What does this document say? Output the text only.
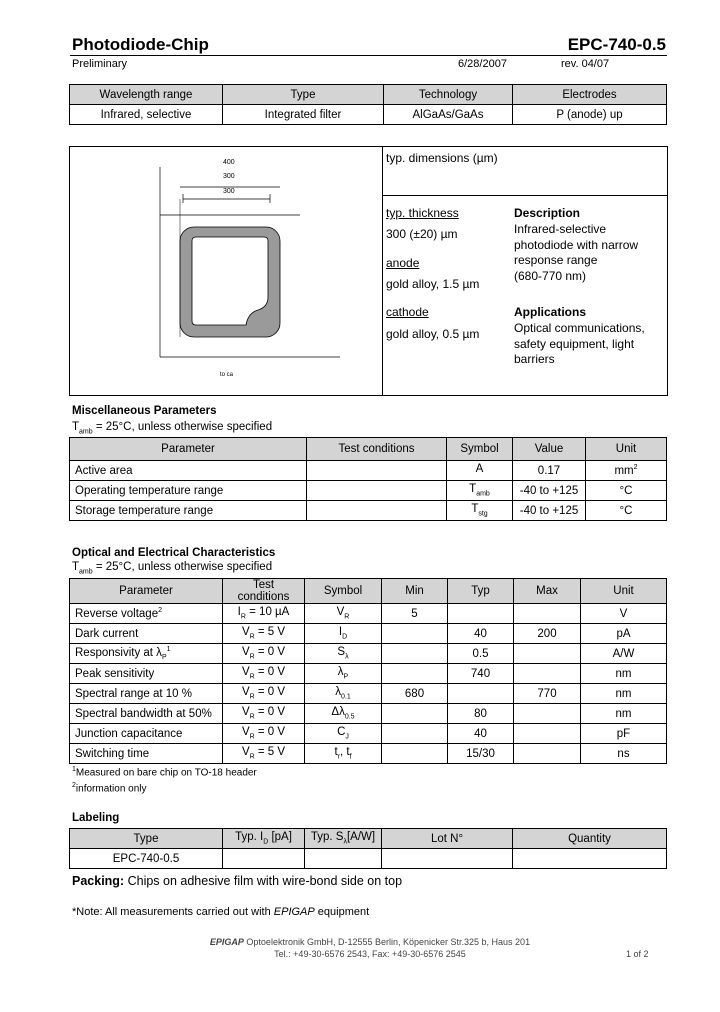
Photodiode-Chip	EPC-740-0.5
Preliminary	6/28/2007	rev. 04/07
Wavelength range	Type	Technology	Electrodes
Infrared, selective	Integrated filter	AlGaAs/GaAs	P (anode) up
400
300
300
to ca
typ. dimensions (µm)
typ. thickness
300 (±20) µm
anode
gold alloy, 1.5 µm
cathode
gold alloy, 0.5 µm
Description
Infrared-selective
photodiode with narrow
response range
(680-770 nm)
Applications
Optical communications,
safety equipment, light
barriers
Miscellaneous Parameters
$T_{amb} = 25^\circ C$, unless otherwise specified
Parameter	Test conditions	Symbol	Value	Unit
Active area		A	0.17	$mm^2$
Operating temperature range		$T_{amb}$	-40 to +125	°C
Storage temperature range		$T_{stg}$	-40 to +125	°C
Optical and Electrical Characteristics
$T_{amb} = 25^\circ C$, unless otherwise specified
Parameter	Test conditions	Symbol	Min	Typ	Max	Unit
Reverse voltage$^2$	$I_R = 10$ µA	$V_R$	5			V
Dark current	$V_R = 5$ V	$I_D$		40	200	pA
Responsivity at $\lambda_P^1$	$V_R = 0$ V	$S_\lambda$		0.5		A/W
Peak sensitivity	$V_R = 0$ V	$\lambda_P$		740		nm
Spectral range at 10 %	$V_R = 0$ V	$\lambda_{0.1}$	680		770	nm
Spectral bandwidth at 50%	$V_R = 0$ V	$\Delta\lambda_{0.5}$		80		nm
Junction capacitance	$V_R = 0$ V	$C_J$		40		pF
Switching time	$V_R = 5$ V	$t_r$, $t_f$		15/30		ns
$^1$Measured on bare chip on TO-18 header
$^2$information only
Labeling
Type	Typ. $I_D$ [pA]	Typ. $S_\lambda[A/W]$	Lot N°	Quantity
EPC-740-0.5				
Packing: Chips on adhesive film with wire-bond side on top
*Note: All measurements carried out with EPIGAP equipment
EPIGAP Optoelektronik GmbH, D-12555 Berlin, Köpenicker Str.325 b, Haus 201
Tel.: +49-30-6576 2543, Fax: +49-30-6576 2545	1 of 2
